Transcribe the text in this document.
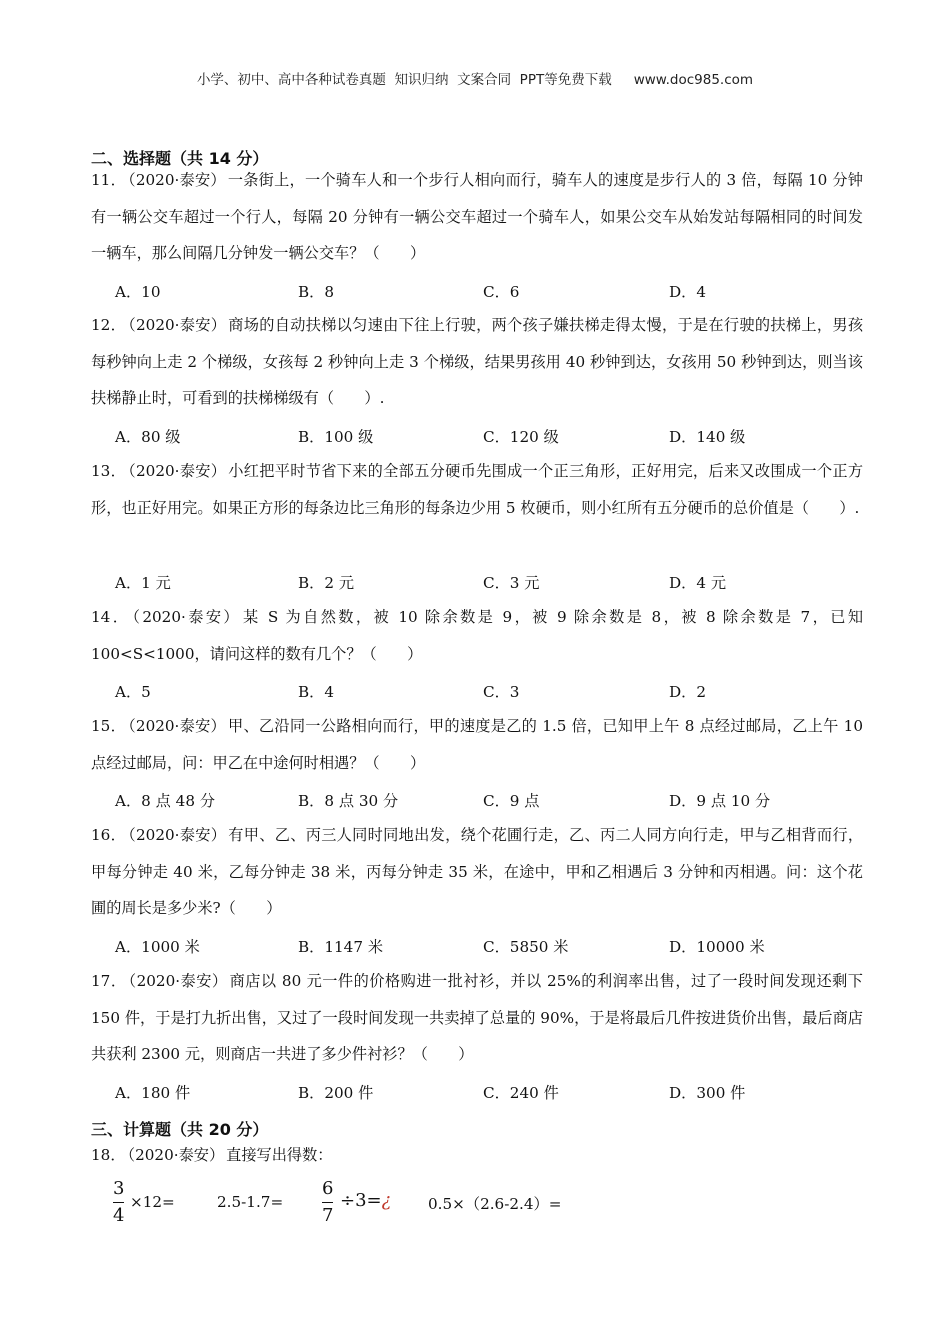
小学、初中、高中各种试卷真题  知识归纳  文案合同  PPT等免费下载 www.doc985.com
二、选择题（共 14 分）
11． （2020·泰安） 一条街上，一个骑车人和一个步行人相向而行，骑车人的速度是步行人的 3 倍，每隔 10 分钟有一辆公交车超过一个行人，每隔 20 分钟有一辆公交车超过一个骑车人，如果公交车从始发站每隔相同的时间发一辆车，那么间隔几分钟发一辆公交车？（　　）
A．10	B．8	C．6	D．4
12． （2020·泰安） 商场的自动扶梯以匀速由下往上行驶，两个孩子嫌扶梯走得太慢，于是在行驶的扶梯上，男孩每秒钟向上走 2 个梯级，女孩每 2 秒钟向上走 3 个梯级，结果男孩用 40 秒钟到达，女孩用 50 秒钟到达，则当该扶梯静止时，可看到的扶梯梯级有（　　）.
A．80 级	B．100 级	C．120 级	D．140 级
13． （2020·泰安） 小红把平时节省下来的全部五分硬币先围成一个正三角形，正好用完，后来又改围成一个正方形，也正好用完。如果正方形的每条边比三角形的每条边少用 5 枚硬币，则小红所有五分硬币的总价值是（　　）.
A．1 元	B．2 元	C．3 元	D．4 元
14． （2020·泰安） 某 S 为自然数，被 10 除余数是 9，被 9 除余数是 8，被 8 除余数是 7，已知 100<S<1000，请问这样的数有几个？（　　）
A．5	B．4	C．3	D．2
15． （2020·泰安） 甲、乙沿同一公路相向而行，甲的速度是乙的 1.5 倍，已知甲上午 8 点经过邮局，乙上午 10 点经过邮局，问：甲乙在中途何时相遇？（　　）
A．8 点 48 分	B．8 点 30 分	C．9 点	D．9 点 10 分
16． （2020·泰安） 有甲、乙、丙三人同时同地出发，绕个花圃行走，乙、丙二人同方向行走，甲与乙相背而行，甲每分钟走 40 米，乙每分钟走 38 米，丙每分钟走 35 米，在途中，甲和乙相遇后 3 分钟和丙相遇。问：这个花圃的周长是多少米?（　　）
A．1000 米	B．1147 米	C．5850 米	D．10000 米
17． （2020·泰安） 商店以 80 元一件的价格购进一批衬衫，并以 25%的利润率出售，过了一段时间发现还剩下 150 件，于是打九折出售，又过了一段时间发现一共卖掉了总量的 90%，于是将最后几件按进货价出售，最后商店共获利 2300 元，则商店一共进了多少件衬衫？（　　）
A．180 件	B．200 件	C．240 件	D．300 件
三、计算题（共 20 分）
18． （2020·泰安） 直接写出得数：
3
4
×12=	2.5-1.7=
6
7
÷3=¿ 0.5×（2.6-2.4）=
